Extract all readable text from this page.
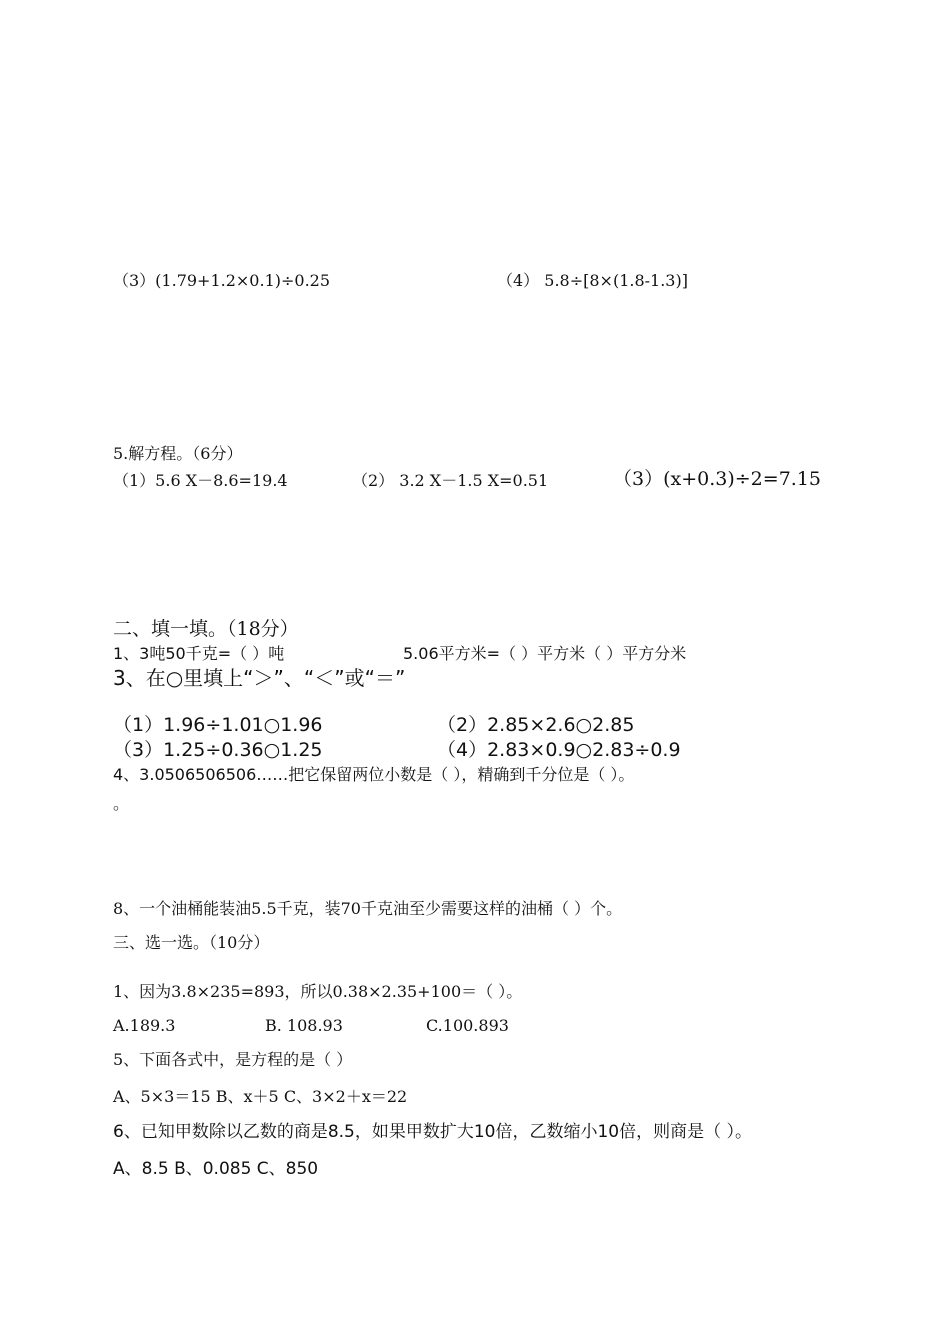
（3）(1.79+1.2×0.1)÷0.25	（4） 5.8÷[8×(1.8-1.3)]
5.解方程。（6分）
（1）5.6 X－8.6=19.4	（2） 3.2 X－1.5 X=0.51	（3）(x+0.3)÷2=7.15
二、填一填。（18分）
1、3吨50千克=（ ）吨	5.06平方米=（ ）平方米（ ）平方分米
3、在○里填上“＞”、“＜”或“＝”
（1）1.96÷1.01○1.96	（2）2.85×2.6○2.85
（3）1.25÷0.36○1.25	（4）2.83×0.9○2.83÷0.9
4、3.0506506506……把它保留两位小数是（ ），精确到千分位是（ ）。
。
8、一个油桶能装油5.5千克，装70千克油至少需要这样的油桶（ ）个。
三、选一选。（10分）
1、因为3.8×235=893，所以0.38×2.35+100＝（ ）。
A.189.3	B. 108.93	C.100.893
5、下面各式中，是方程的是（ ）
A、5×3＝15 B、x＋5 C、3×2＋x＝22
6、已知甲数除以乙数的商是8.5，如果甲数扩大10倍，乙数缩小10倍，则商是（ ）。
A、8.5 B、0.085 C、850
